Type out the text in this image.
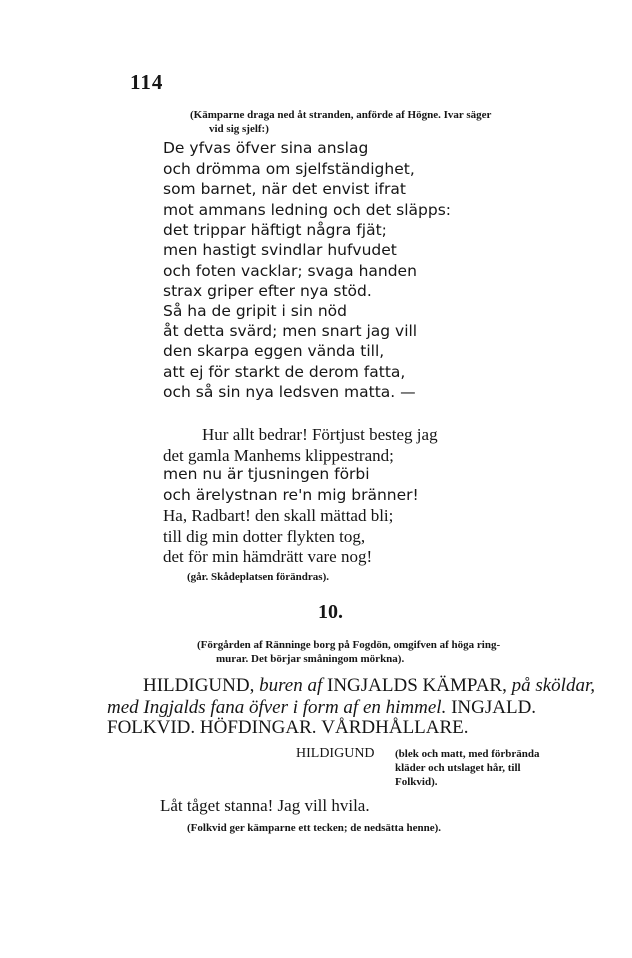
114
(Kämparne draga ned åt stranden, anförde af Högne. Ivar säger
vid sig sjelf:)
De yfvas öfver sina anslag
och drömma om sjelfständighet,
som barnet, när det envist ifrat
mot ammans ledning och det släpps:
det trippar häftigt några fjät;
men hastigt svindlar hufvudet
och foten vacklar; svaga handen
strax griper efter nya stöd.
Så ha de gripit i sin nöd
åt detta svärd; men snart jag vill
den skarpa eggen vända till,
att ej för starkt de derom fatta,
och så sin nya ledsven matta. —
Hur allt bedrar! Förtjust besteg jag
det gamla Manhems klippestrand;
men nu är tjusningen förbi
och ärelystnan re'n mig bränner!
Ha, Radbart! den skall mättad bli;
till dig min dotter flykten tog,
det för min hämdrätt vare nog!
(går. Skådeplatsen förändras).
10.
(Förgården af Ränninge borg på Fogdön, omgifven af höga ring-
murar. Det börjar småningom mörkna).
HILDIGUND, buren af INGJALDS KÄMPAR, på sköldar,
med Ingjalds fana öfver i form af en himmel. INGJALD.
FOLKVID. HÖFDINGAR. VÅRDHÅLLARE.
HILDIGUND (blek och matt, med förbrända
kläder och utslaget hår, till
Folkvid).
Låt tåget stanna! Jag vill hvila.
(Folkvid ger kämparne ett tecken; de nedsätta henne).
